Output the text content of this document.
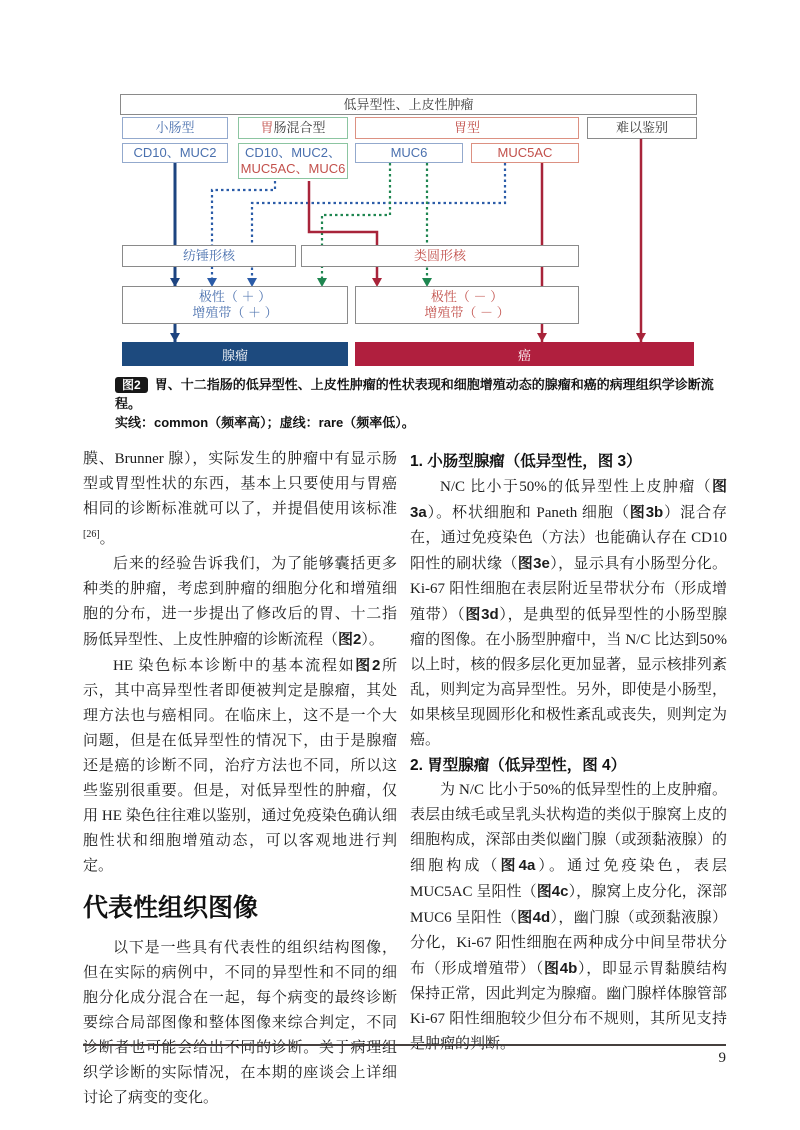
低异型性、上皮性肿瘤
小肠型	胃肠混合型	胃型	难以鉴别
CD10、MUC2 CD10、MUC2、
MUC5AC、MUC6
MUC6	MUC5AC
纺锤形核	类圆形核
极性（ ＋ ）
增殖带（ ＋ ）
极性（ － ）
增殖带（ － ）
腺瘤	癌
图2 胃、十二指肠的低异型性、上皮性肿瘤的性状表现和细胞增殖动态的腺瘤和癌的病理组织学诊断流程。
实线：common（频率高）；虚线：rare（频率低）。

膜、Brunner 腺），实际发生的肿瘤中有显示肠型或胃型性状的东西，基本上只要使用与胃癌相同的诊断标准就可以了，并提倡使用该标准[26]。

后来的经验告诉我们，为了能够囊括更多种类的肿瘤，考虑到肿瘤的细胞分化和增殖细胞的分布，进一步提出了修改后的胃、十二指肠低异型性、上皮性肿瘤的诊断流程（图2）。

HE 染色标本诊断中的基本流程如图2所示，其中高异型性者即便被判定是腺瘤，其处理方法也与癌相同。在临床上，这不是一个大问题，但是在低异型性的情况下，由于是腺瘤还是癌的诊断不同，治疗方法也不同，所以这些鉴别很重要。但是，对低异型性的肿瘤，仅用 HE 染色往往难以鉴别，通过免疫染色确认细胞性状和细胞增殖动态，可以客观地进行判定。

代表性组织图像

以下是一些具有代表性的组织结构图像，但在实际的病例中，不同的异型性和不同的细胞分化成分混合在一起，每个病变的最终诊断要综合局部图像和整体图像来综合判定，不同诊断者也可能会给出不同的诊断。关于病理组织学诊断的实际情况，在本期的座谈会上详细讨论了病变的变化。

1. 小肠型腺瘤（低异型性，图 3）

N/C 比小于50%的低异型性上皮肿瘤（图3a）。杯状细胞和 Paneth 细胞（图3b）混合存在，通过免疫染色（方法）也能确认存在 CD10 阳性的刷状缘（图3e），显示具有小肠型分化。Ki-67 阳性细胞在表层附近呈带状分布（形成增殖带）（图3d），是典型的低异型性的小肠型腺瘤的图像。在小肠型肿瘤中，当 N/C 比达到50%以上时，核的假多层化更加显著，显示核排列紊乱，则判定为高异型性。另外，即使是小肠型，如果核呈现圆形化和极性紊乱或丧失，则判定为癌。

2. 胃型腺瘤（低异型性，图 4）

为 N/C 比小于50%的低异型性的上皮肿瘤。表层由绒毛或呈乳头状构造的类似于腺窝上皮的细胞构成，深部由类似幽门腺（或颈黏液腺）的细胞构成（图4a）。通过免疫染色，表层 MUC5AC 呈阳性（图4c），腺窝上皮分化，深部 MUC6 呈阳性（图4d），幽门腺（或颈黏液腺）分化，Ki-67 阳性细胞在两种成分中间呈带状分布（形成增殖带）（图4b），即显示胃黏膜结构保持正常，因此判定为腺瘤。幽门腺样体腺管部 Ki-67 阳性细胞较少但分布不规则，其所见支持是肿瘤的判断。

9
